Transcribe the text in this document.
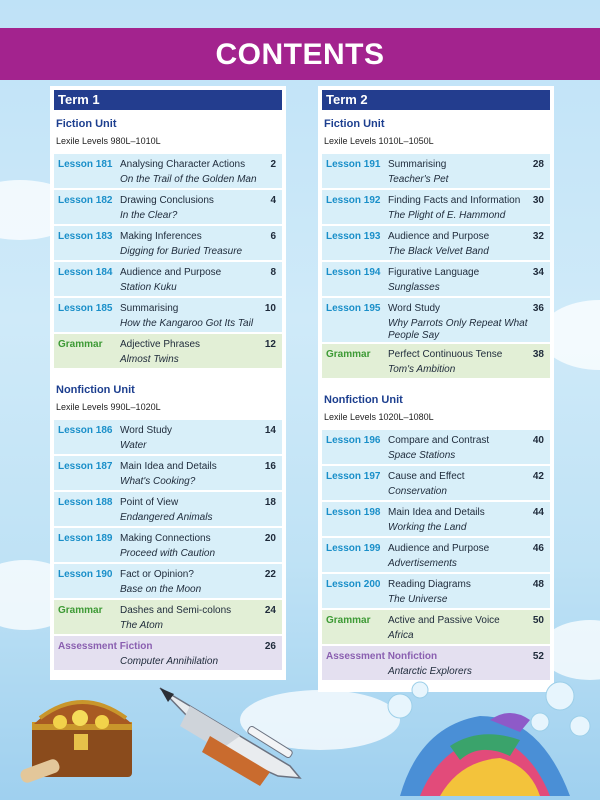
CONTENTS
Term 1
Fiction Unit
Lexile Levels 980L–1010L
Lesson 181 Analysing Character Actions
On the Trail of the Golden Man
2
Lesson 182 Drawing Conclusions
In the Clear?
4
Lesson 183 Making Inferences
Digging for Buried Treasure
6
Lesson 184 Audience and Purpose
Station Kuku
8
Lesson 185 Summarising
How the Kangaroo Got Its Tail
10
Grammar Adjective Phrases
Almost Twins
12
Nonfiction Unit
Lexile Levels 990L–1020L
Lesson 186 Word Study
Water
14
Lesson 187 Main Idea and Details
What's Cooking?
16
Lesson 188 Point of View
Endangered Animals
18
Lesson 189 Making Connections
Proceed with Caution
20
Lesson 190 Fact or Opinion?
Base on the Moon
22
Grammar Dashes and Semi-colons
The Atom
24
Assessment Fiction
Computer Annihilation
26
Term 2
Fiction Unit
Lexile Levels 1010L–1050L
Lesson 191 Summarising
Teacher's Pet
28
Lesson 192 Finding Facts and Information
The Plight of E. Hammond
30
Lesson 193 Audience and Purpose
The Black Velvet Band
32
Lesson 194 Figurative Language
Sunglasses
34
Lesson 195 Word Study
Why Parrots Only Repeat What People Say
36
Grammar Perfect Continuous Tense
Tom's Ambition
38
Nonfiction Unit
Lexile Levels 1020L–1080L
Lesson 196 Compare and Contrast
Space Stations
40
Lesson 197 Cause and Effect
Conservation
42
Lesson 198 Main Idea and Details
Working the Land
44
Lesson 199 Audience and Purpose
Advertisements
46
Lesson 200 Reading Diagrams
The Universe
48
Grammar Active and Passive Voice
Africa
50
Assessment Nonfiction
Antarctic Explorers
52
